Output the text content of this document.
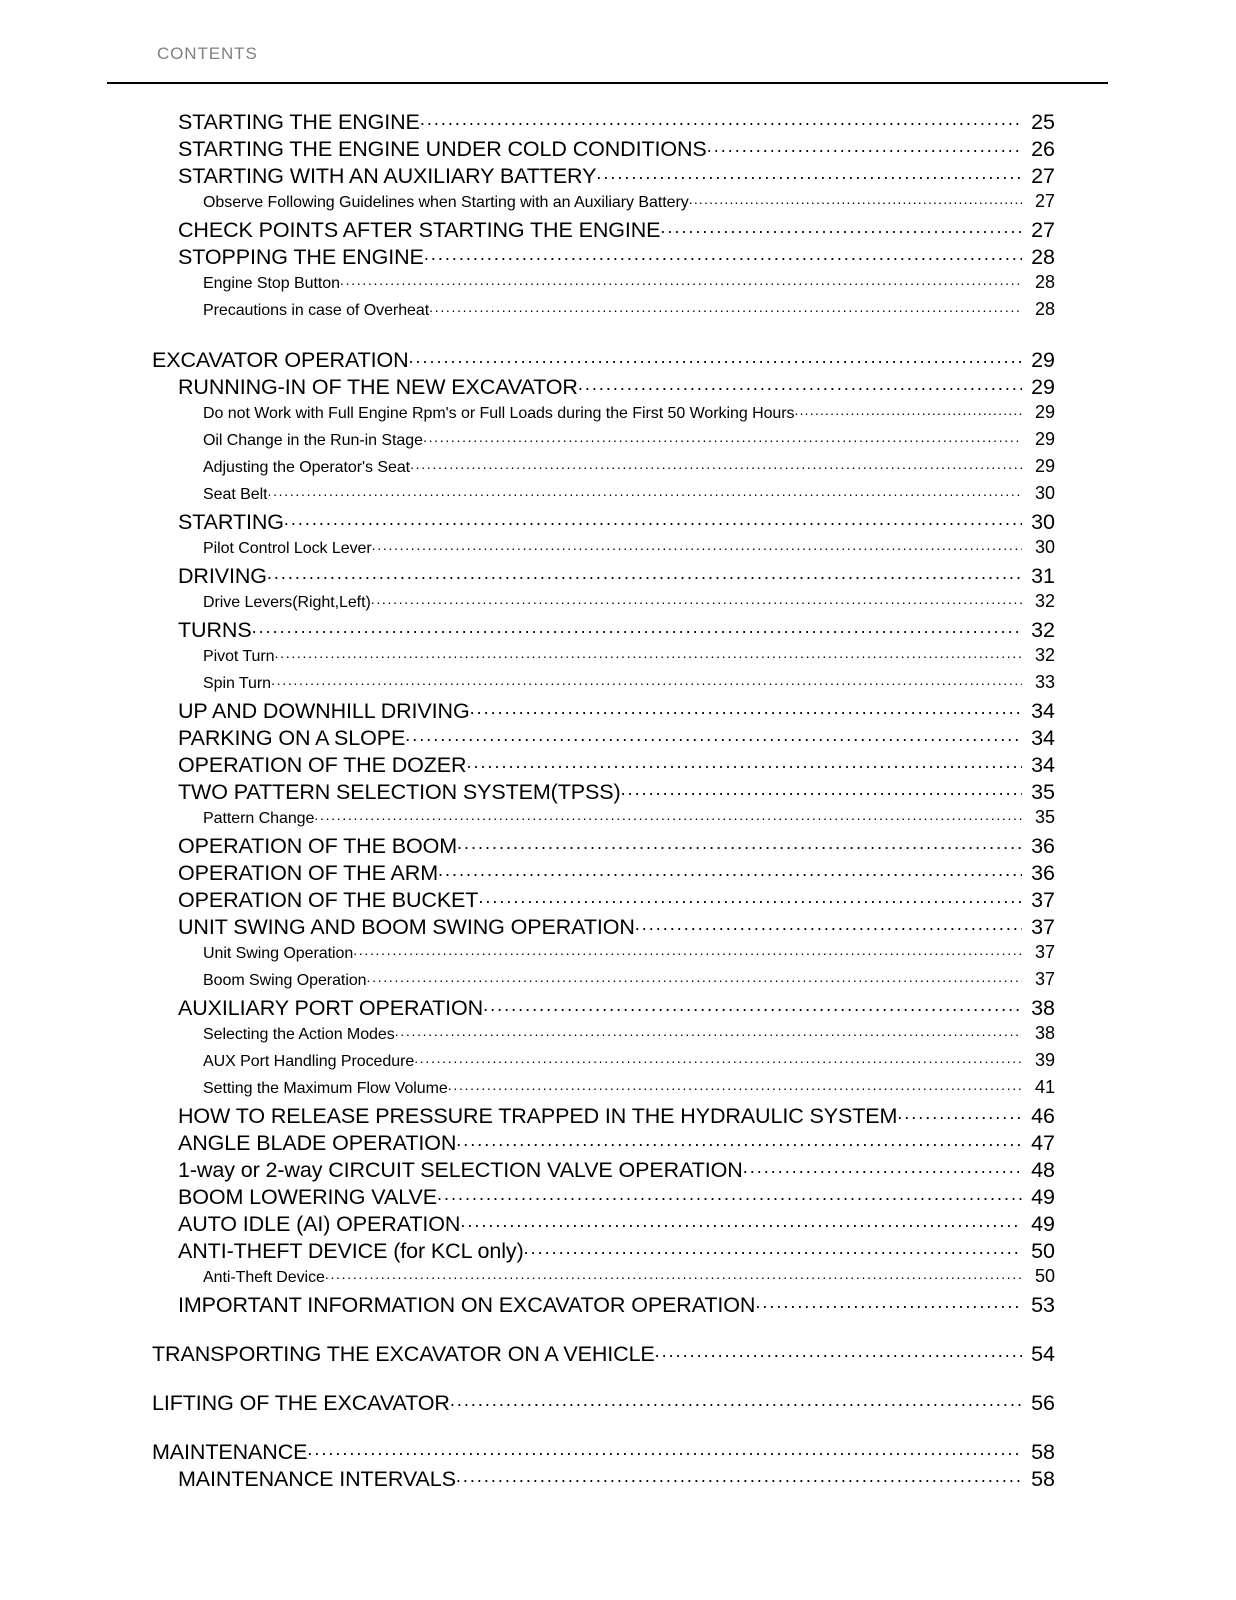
CONTENTS
STARTING THE ENGINE .....	25
STARTING THE ENGINE UNDER COLD CONDITIONS .....	26
STARTING WITH AN AUXILIARY BATTERY .....	27
Observe Following Guidelines when Starting with an Auxiliary Battery .....	27
CHECK POINTS AFTER STARTING THE ENGINE .....	27
STOPPING THE ENGINE .....	28
Engine Stop Button .....	28
Precautions in case of Overheat .....	28
EXCAVATOR OPERATION .....	29
RUNNING-IN OF THE NEW EXCAVATOR .....	29
Do not Work with Full Engine Rpm's or Full Loads during the First 50 Working Hours .....	29
Oil Change in the Run-in Stage .....	29
Adjusting the Operator's Seat .....	29
Seat Belt .....	30
STARTING .....	30
Pilot Control Lock Lever .....	30
DRIVING .....	31
Drive Levers(Right,Left) .....	32
TURNS .....	32
Pivot Turn .....	32
Spin Turn .....	33
UP AND DOWNHILL DRIVING .....	34
PARKING ON A SLOPE .....	34
OPERATION OF THE DOZER .....	34
TWO PATTERN SELECTION SYSTEM(TPSS) .....	35
Pattern Change .....	35
OPERATION OF THE BOOM .....	36
OPERATION OF THE ARM .....	36
OPERATION OF THE BUCKET .....	37
UNIT SWING AND BOOM SWING OPERATION .....	37
Unit Swing Operation .....	37
Boom Swing Operation .....	37
AUXILIARY PORT OPERATION .....	38
Selecting the Action Modes .....	38
AUX Port Handling Procedure .....	39
Setting the Maximum Flow Volume .....	41
HOW TO RELEASE PRESSURE TRAPPED IN THE HYDRAULIC SYSTEM .....	46
ANGLE BLADE OPERATION .....	47
1-way or 2-way CIRCUIT SELECTION VALVE OPERATION .....	48
BOOM LOWERING VALVE .....	49
AUTO IDLE (AI) OPERATION .....	49
ANTI-THEFT DEVICE (for KCL only) .....	50
Anti-Theft Device .....	50
IMPORTANT INFORMATION ON EXCAVATOR OPERATION .....	53
TRANSPORTING THE EXCAVATOR ON A VEHICLE .....	54
LIFTING OF THE EXCAVATOR .....	56
MAINTENANCE .....	58
MAINTENANCE INTERVALS .....	58
